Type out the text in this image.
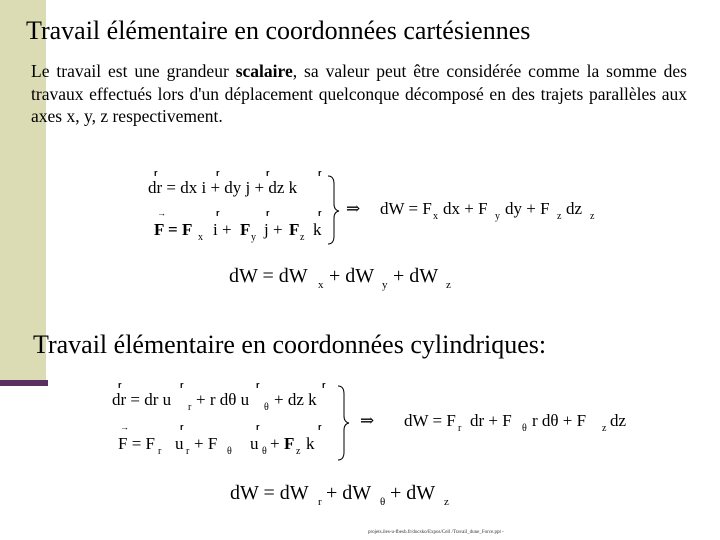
Travail élémentaire en coordonnées cartésiennes

Le travail est une grandeur scalaire, sa valeur peut être considérée comme la somme des travaux effectués lors d'un déplacement quelconque décomposé en des trajets parallèles aux axes x, y, z respectivement.

Travail élémentaire en coordonnées cylindriques:
r	r	r	r
dr = dx i + dy j + dz k
→	r	r	r
F = F x i + F y j + F z k
⇒ dW = F x dx + F y dy + F z dz z
dW = dW x + dW y + dW z
r	r	r	r
dr = dr u r + r dθ u θ + dz k
→	r	r	r
F = F r u r + F θ u θ + F z k
⇒ dW = F r dr + F θ r dθ + F z dz
dW = dW r + dW θ + dW z
projets.iles-u-fbesb.fr/docsko/Expos/Cell /Travail_dune_Force.ppt -
